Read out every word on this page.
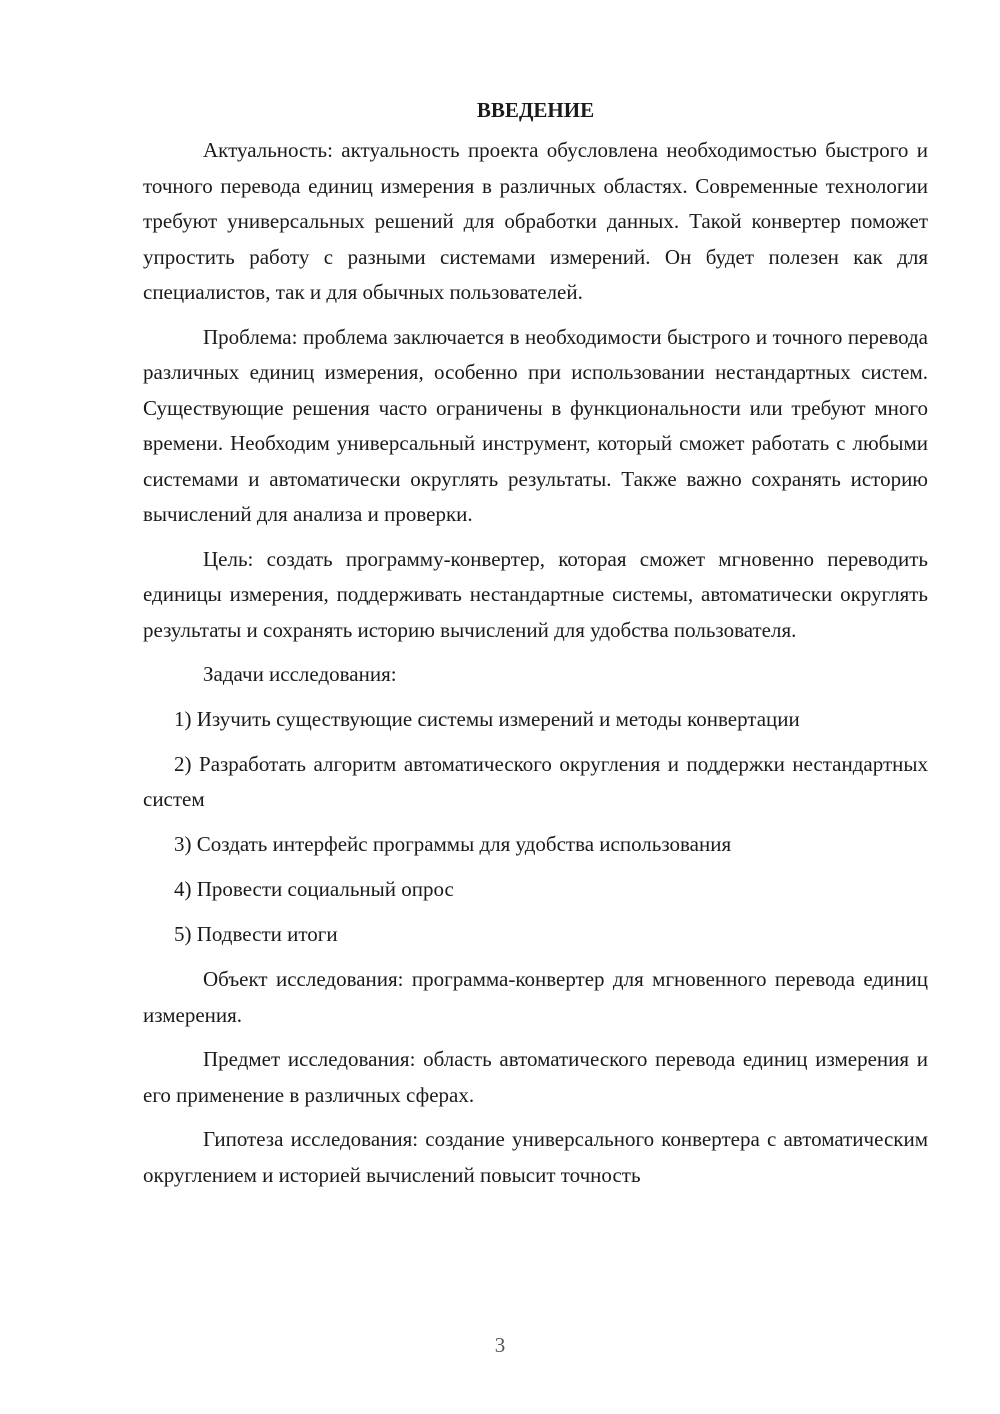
ВВЕДЕНИЕ

Актуальность: актуальность проекта обусловлена необходимостью быстрого и точного перевода единиц измерения в различных областях. Современные технологии требуют универсальных решений для обработки данных. Такой конвертер поможет упростить работу с разными системами измерений. Он будет полезен как для специалистов, так и для обычных пользователей.

Проблема: проблема заключается в необходимости быстрого и точного перевода различных единиц измерения, особенно при использовании нестандартных систем. Существующие решения часто ограничены в функциональности или требуют много времени. Необходим универсальный инструмент, который сможет работать с любыми системами и автоматически округлять результаты. Также важно сохранять историю вычислений для анализа и проверки.

Цель: создать программу-конвертер, которая сможет мгновенно переводить единицы измерения, поддерживать нестандартные системы, автоматически округлять результаты и сохранять историю вычислений для удобства пользователя.

Задачи исследования:

1) Изучить существующие системы измерений и методы конвертации

2) Разработать алгоритм автоматического округления и поддержки нестандартных систем

3) Создать интерфейс программы для удобства использования

4) Провести социальный опрос

5) Подвести итоги

Объект исследования: программа-конвертер для мгновенного перевода единиц измерения.

Предмет исследования: область автоматического перевода единиц измерения и его применение в различных сферах.

Гипотеза исследования: создание универсального конвертера с автоматическим округлением и историей вычислений повысит точность

3
